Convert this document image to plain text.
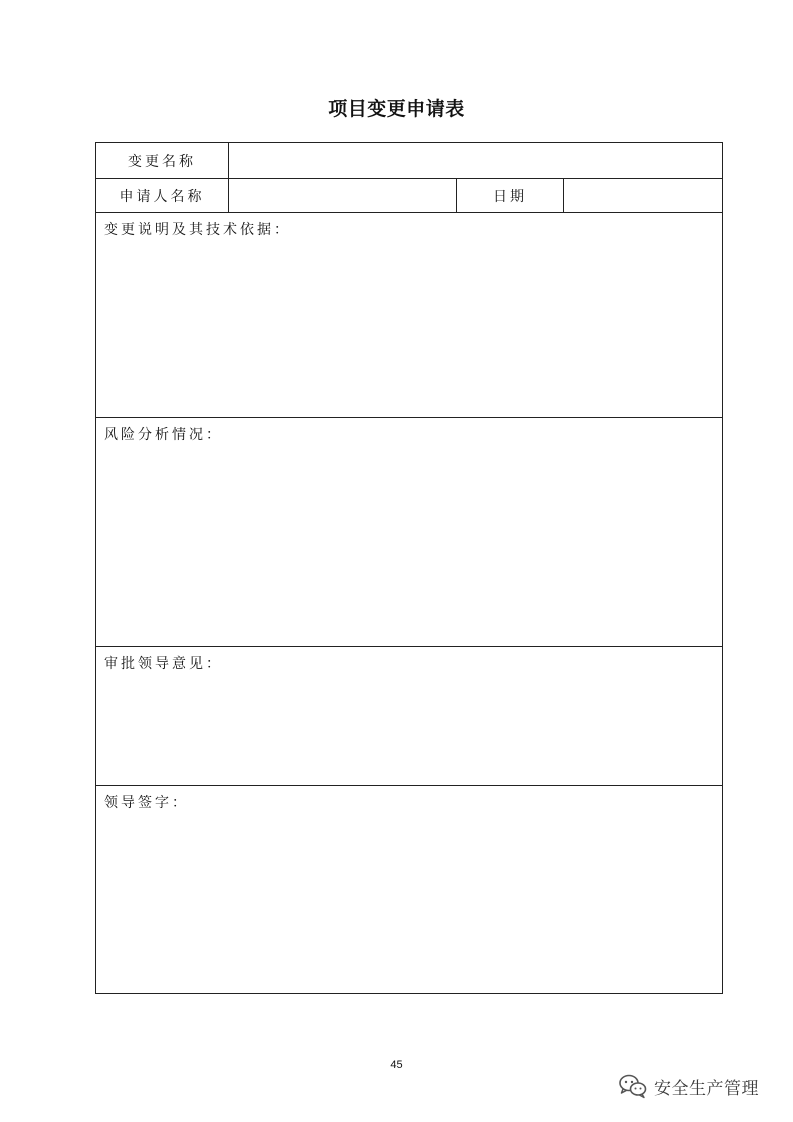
项目变更申请表
变更名称
申请人名称	日期
变更说明及其技术依据：
风险分析情况：
审批领导意见：
领导签字：
45
安全生产管理
